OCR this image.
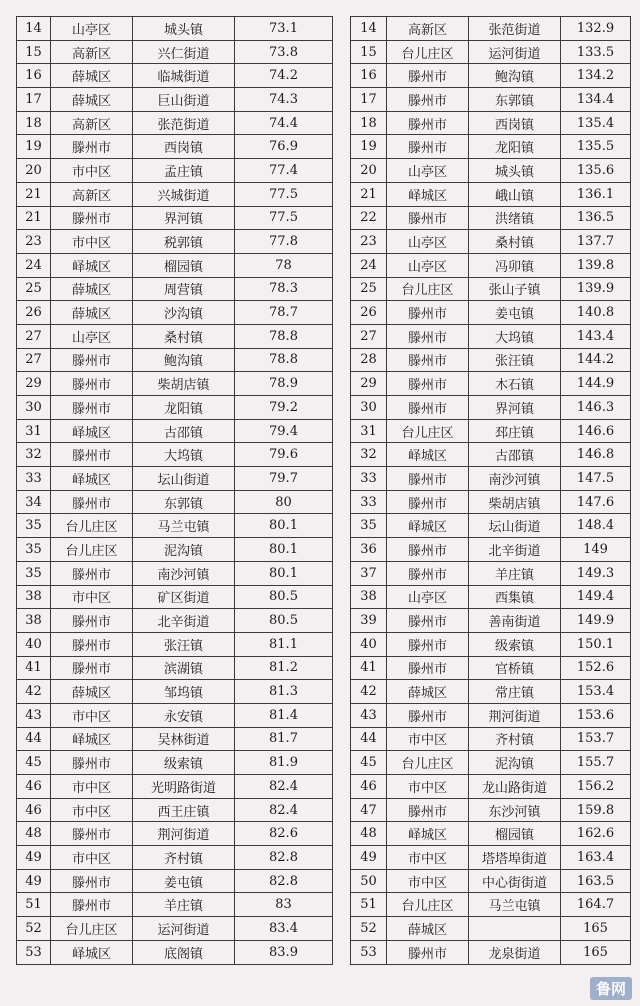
14	山亭区	城头镇	73.1
15	高新区	兴仁街道	73.8
16	薛城区	临城街道	74.2
17	薛城区	巨山街道	74.3
18	高新区	张范街道	74.4
19	滕州市	西岗镇	76.9
20	市中区	孟庄镇	77.4
21	高新区	兴城街道	77.5
21	滕州市	界河镇	77.5
23	市中区	税郭镇	77.8
24	峄城区	榴园镇	78
25	薛城区	周营镇	78.3
26	薛城区	沙沟镇	78.7
27	山亭区	桑村镇	78.8
27	滕州市	鲍沟镇	78.8
29	滕州市	柴胡店镇	78.9
30	滕州市	龙阳镇	79.2
31	峄城区	古邵镇	79.4
32	滕州市	大坞镇	79.6
33	峄城区	坛山街道	79.7
34	滕州市	东郭镇	80
35	台儿庄区	马兰屯镇	80.1
35	台儿庄区	泥沟镇	80.1
35	滕州市	南沙河镇	80.1
38	市中区	矿区街道	80.5
38	滕州市	北辛街道	80.5
40	滕州市	张汪镇	81.1
41	滕州市	滨湖镇	81.2
42	薛城区	邹坞镇	81.3
43	市中区	永安镇	81.4
44	峄城区	吴林街道	81.7
45	滕州市	级索镇	81.9
46	市中区	光明路街道	82.4
46	市中区	西王庄镇	82.4
48	滕州市	荆河街道	82.6
49	市中区	齐村镇	82.8
49	滕州市	姜屯镇	82.8
51	滕州市	羊庄镇	83
52	台儿庄区	运河街道	83.4
53	峄城区	底阁镇	83.9
14	高新区	张范街道	132.9
15	台儿庄区	运河街道	133.5
16	滕州市	鲍沟镇	134.2
17	滕州市	东郭镇	134.4
18	滕州市	西岗镇	135.4
19	滕州市	龙阳镇	135.5
20	山亭区	城头镇	135.6
21	峄城区	峨山镇	136.1
22	滕州市	洪绪镇	136.5
23	山亭区	桑村镇	137.7
24	山亭区	冯卯镇	139.8
25	台儿庄区	张山子镇	139.9
26	滕州市	姜屯镇	140.8
27	滕州市	大坞镇	143.4
28	滕州市	张汪镇	144.2
29	滕州市	木石镇	144.9
30	滕州市	界河镇	146.3
31	台儿庄区	邳庄镇	146.6
32	峄城区	古邵镇	146.8
33	滕州市	南沙河镇	147.5
33	滕州市	柴胡店镇	147.6
35	峄城区	坛山街道	148.4
36	滕州市	北辛街道	149
37	滕州市	羊庄镇	149.3
38	山亭区	西集镇	149.4
39	滕州市	善南街道	149.9
40	滕州市	级索镇	150.1
41	滕州市	官桥镇	152.6
42	薛城区	常庄镇	153.4
43	滕州市	荆河街道	153.6
44	市中区	齐村镇	153.7
45	台儿庄区	泥沟镇	155.7
46	市中区	龙山路街道	156.2
47	滕州市	东沙河镇	159.8
48	峄城区	榴园镇	162.6
49	市中区	塔塔埠街道	163.4
50	市中区	中心街街道	163.5
51	台儿庄区	马兰屯镇	164.7
52	薛城区		165
53	滕州市	龙泉街道	165
鲁网
